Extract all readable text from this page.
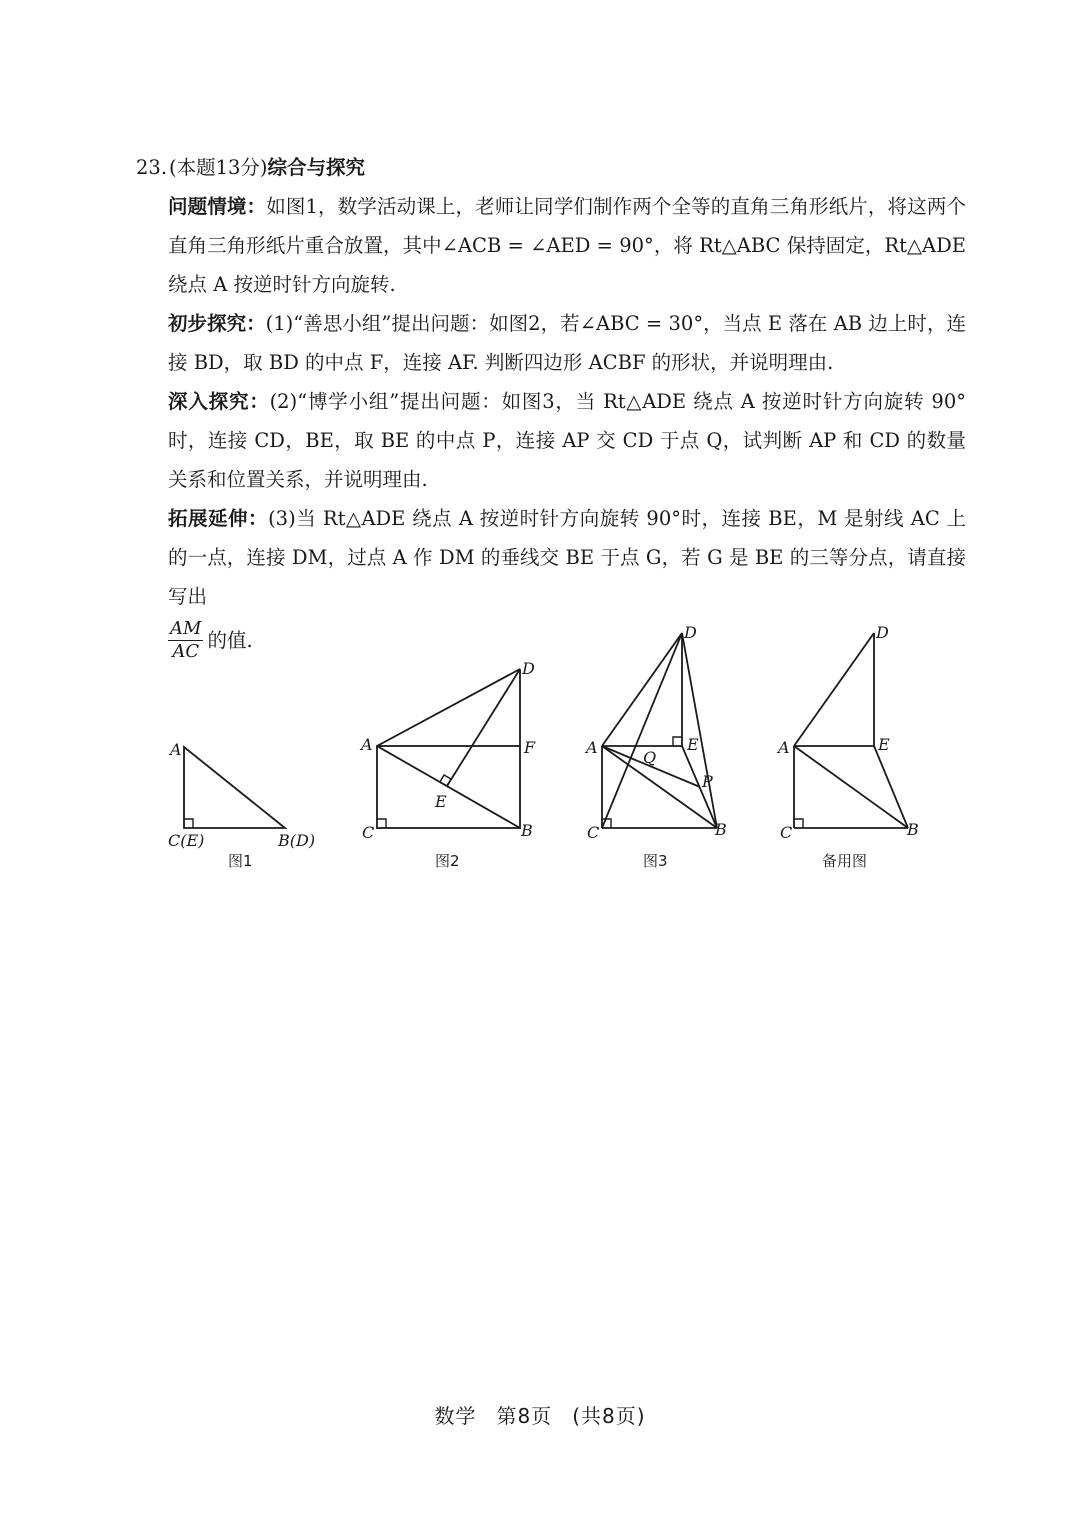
23. (本题13分)综合与探究
问题情境：如图1，数学活动课上，老师让同学们制作两个全等的直角三角形纸片，将这两个直角三角形纸片重合放置，其中∠ACB = ∠AED = 90°，将 Rt△ABC 保持固定，Rt△ADE 绕点 A 按逆时针方向旋转.
初步探究：(1)“善思小组”提出问题：如图2，若∠ABC = 30°，当点 E 落在 AB 边上时，连接 BD，取 BD 的中点 F，连接 AF. 判断四边形 ACBF 的形状，并说明理由.
深入探究：(2)“博学小组”提出问题：如图3，当 Rt△ADE 绕点 A 按逆时针方向旋转 90°时，连接 CD，BE，取 BE 的中点 P，连接 AP 交 CD 于点 Q，试判断 AP 和 CD 的数量关系和位置关系，并说明理由.
拓展延伸：(3)当 Rt△ADE 绕点 A 按逆时针方向旋转 90°时，连接 BE，M 是射线 AC 上的一点，连接 DM，过点 A 作 DM 的垂线交 BE 于点 G，若 G 是 BE 的三等分点，请直接写出
$\frac{AM}{AC}$ 的值.
A
C(E)	B(D)
图1
A
C	B
D
F
E
图2
A
C	B
D
E
P
Q
图3
A
C	B
D
E
备用图
数学 第8页 (共8页)
